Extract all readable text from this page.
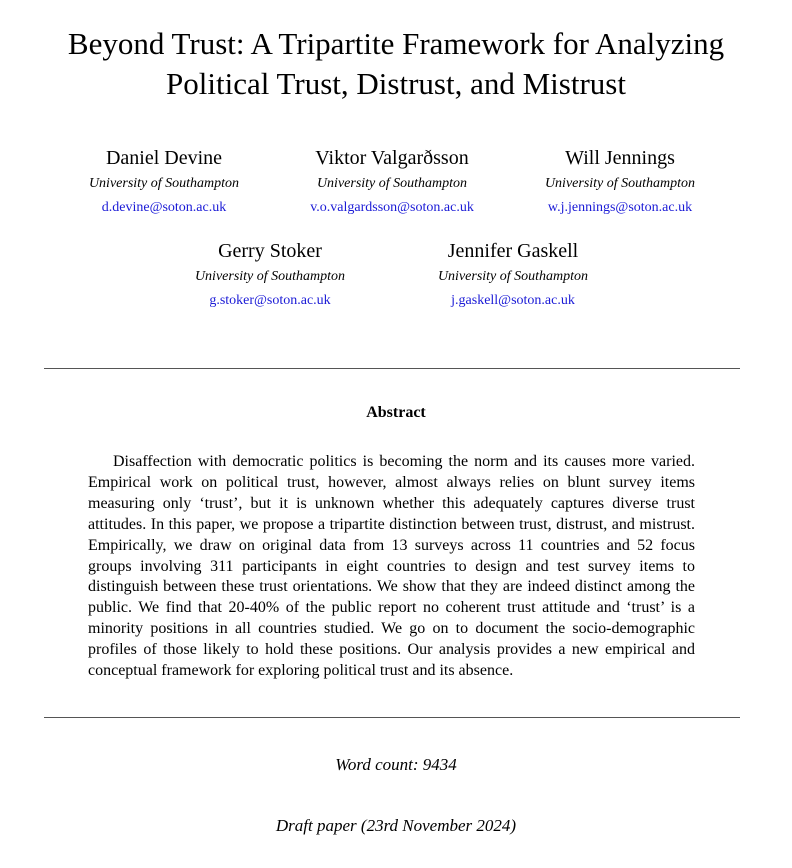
Beyond Trust: A Tripartite Framework for Analyzing
Political Trust, Distrust, and Mistrust
Daniel Devine
University of Southampton
d.devine@soton.ac.uk
Viktor Valgarðsson
University of Southampton
v.o.valgardsson@soton.ac.uk
Will Jennings
University of Southampton
w.j.jennings@soton.ac.uk
Gerry Stoker
University of Southampton
g.stoker@soton.ac.uk
Jennifer Gaskell
University of Southampton
j.gaskell@soton.ac.uk
Abstract

Disaffection with democratic politics is becoming the norm and its causes more varied. Empirical work on political trust, however, almost always relies on blunt survey items measuring only ‘trust’, but it is unknown whether this adequately captures diverse trust attitudes. In this paper, we propose a tripartite distinction between trust, distrust, and mistrust. Empirically, we draw on original data from 13 surveys across 11 countries and 52 focus groups involving 311 participants in eight countries to design and test survey items to distinguish between these trust orientations. We show that they are indeed distinct among the public. We find that 20-40% of the public report no coherent trust attitude and ‘trust’ is a minority positions in all countries studied. We go on to document the socio-demographic profiles of those likely to hold these positions. Our analysis provides a new empirical and conceptual framework for exploring political trust and its absence.

Word count: 9434
Draft paper (23rd November 2024)
